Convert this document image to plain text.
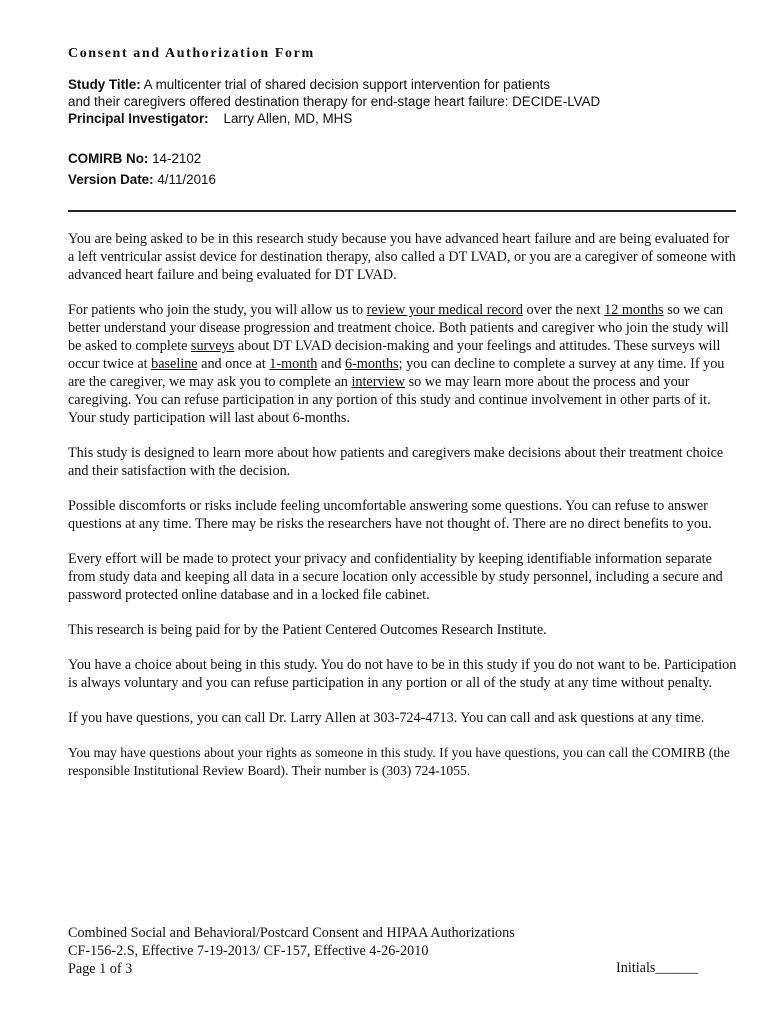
Consent and Authorization Form
Study Title: A multicenter trial of shared decision support intervention for patients
and their caregivers offered destination therapy for end-stage heart failure: DECIDE-LVAD
Principal Investigator: Larry Allen, MD, MHS
COMIRB No: 14-2102
Version Date: 4/11/2016

You are being asked to be in this research study because you have advanced heart failure and are being evaluated for a left ventricular assist device for destination therapy, also called a DT LVAD, or you are a caregiver of someone with advanced heart failure and being evaluated for DT LVAD.

For patients who join the study, you will allow us to review your medical record over the next 12 months so we can better understand your disease progression and treatment choice. Both patients and caregiver who join the study will be asked to complete surveys about DT LVAD decision-making and your feelings and attitudes. These surveys will occur twice at baseline and once at 1-month and 6-months; you can decline to complete a survey at any time. If you are the caregiver, we may ask you to complete an interview so we may learn more about the process and your caregiving. You can refuse participation in any portion of this study and continue involvement in other parts of it. Your study participation will last about 6-months.

This study is designed to learn more about how patients and caregivers make decisions about their treatment choice and their satisfaction with the decision.

Possible discomforts or risks include feeling uncomfortable answering some questions. You can refuse to answer questions at any time. There may be risks the researchers have not thought of. There are no direct benefits to you.

Every effort will be made to protect your privacy and confidentiality by keeping identifiable information separate from study data and keeping all data in a secure location only accessible by study personnel, including a secure and password protected online database and in a locked file cabinet.

This research is being paid for by the Patient Centered Outcomes Research Institute.

You have a choice about being in this study. You do not have to be in this study if you do not want to be. Participation is always voluntary and you can refuse participation in any portion or all of the study at any time without penalty.

If you have questions, you can call Dr. Larry Allen at 303-724-4713. You can call and ask questions at any time.

You may have questions about your rights as someone in this study. If you have questions, you can call the COMIRB (the responsible Institutional Review Board). Their number is (303) 724-1055.

Combined Social and Behavioral/Postcard Consent and HIPAA Authorizations
CF-156-2.S, Effective 7-19-2013/ CF-157, Effective 4-26-2010
Page 1 of 3	Initials______
